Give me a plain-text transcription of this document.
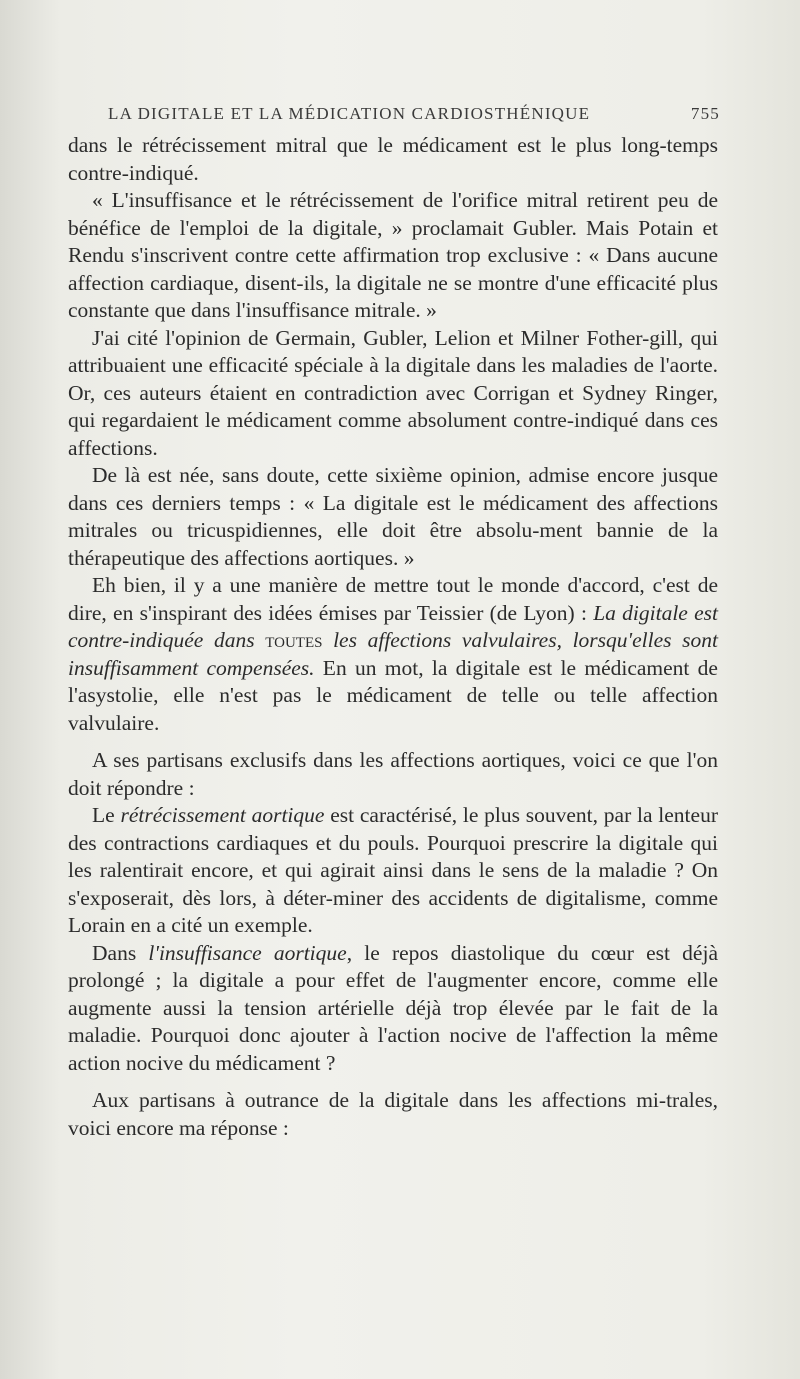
LA DIGITALE ET LA MÉDICATION CARDIOSTHÉNIQUE	755

dans le rétrécissement mitral que le médicament est le plus long-temps contre-indiqué.

« L'insuffisance et le rétrécissement de l'orifice mitral retirent peu de bénéfice de l'emploi de la digitale, » proclamait Gubler. Mais Potain et Rendu s'inscrivent contre cette affirmation trop exclusive : « Dans aucune affection cardiaque, disent-ils, la digitale ne se montre d'une efficacité plus constante que dans l'insuffisance mitrale. »

J'ai cité l'opinion de Germain, Gubler, Lelion et Milner Fother-gill, qui attribuaient une efficacité spéciale à la digitale dans les maladies de l'aorte. Or, ces auteurs étaient en contradiction avec Corrigan et Sydney Ringer, qui regardaient le médicament comme absolument contre-indiqué dans ces affections.

De là est née, sans doute, cette sixième opinion, admise encore jusque dans ces derniers temps : « La digitale est le médicament des affections mitrales ou tricuspidiennes, elle doit être absolu-ment bannie de la thérapeutique des affections aortiques. »

Eh bien, il y a une manière de mettre tout le monde d'accord, c'est de dire, en s'inspirant des idées émises par Teissier (de Lyon) : La digitale est contre-indiquée dans toutes les affections valvulaires, lorsqu'elles sont insuffisamment compensées. En un mot, la digitale est le médicament de l'asystolie, elle n'est pas le médicament de telle ou telle affection valvulaire.

A ses partisans exclusifs dans les affections aortiques, voici ce que l'on doit répondre :

Le rétrécissement aortique est caractérisé, le plus souvent, par la lenteur des contractions cardiaques et du pouls. Pourquoi prescrire la digitale qui les ralentirait encore, et qui agirait ainsi dans le sens de la maladie ? On s'exposerait, dès lors, à déter-miner des accidents de digitalisme, comme Lorain en a cité un exemple.

Dans l'insuffisance aortique, le repos diastolique du cœur est déjà prolongé ; la digitale a pour effet de l'augmenter encore, comme elle augmente aussi la tension artérielle déjà trop élevée par le fait de la maladie. Pourquoi donc ajouter à l'action nocive de l'affection la même action nocive du médicament ?

Aux partisans à outrance de la digitale dans les affections mi-trales, voici encore ma réponse :
